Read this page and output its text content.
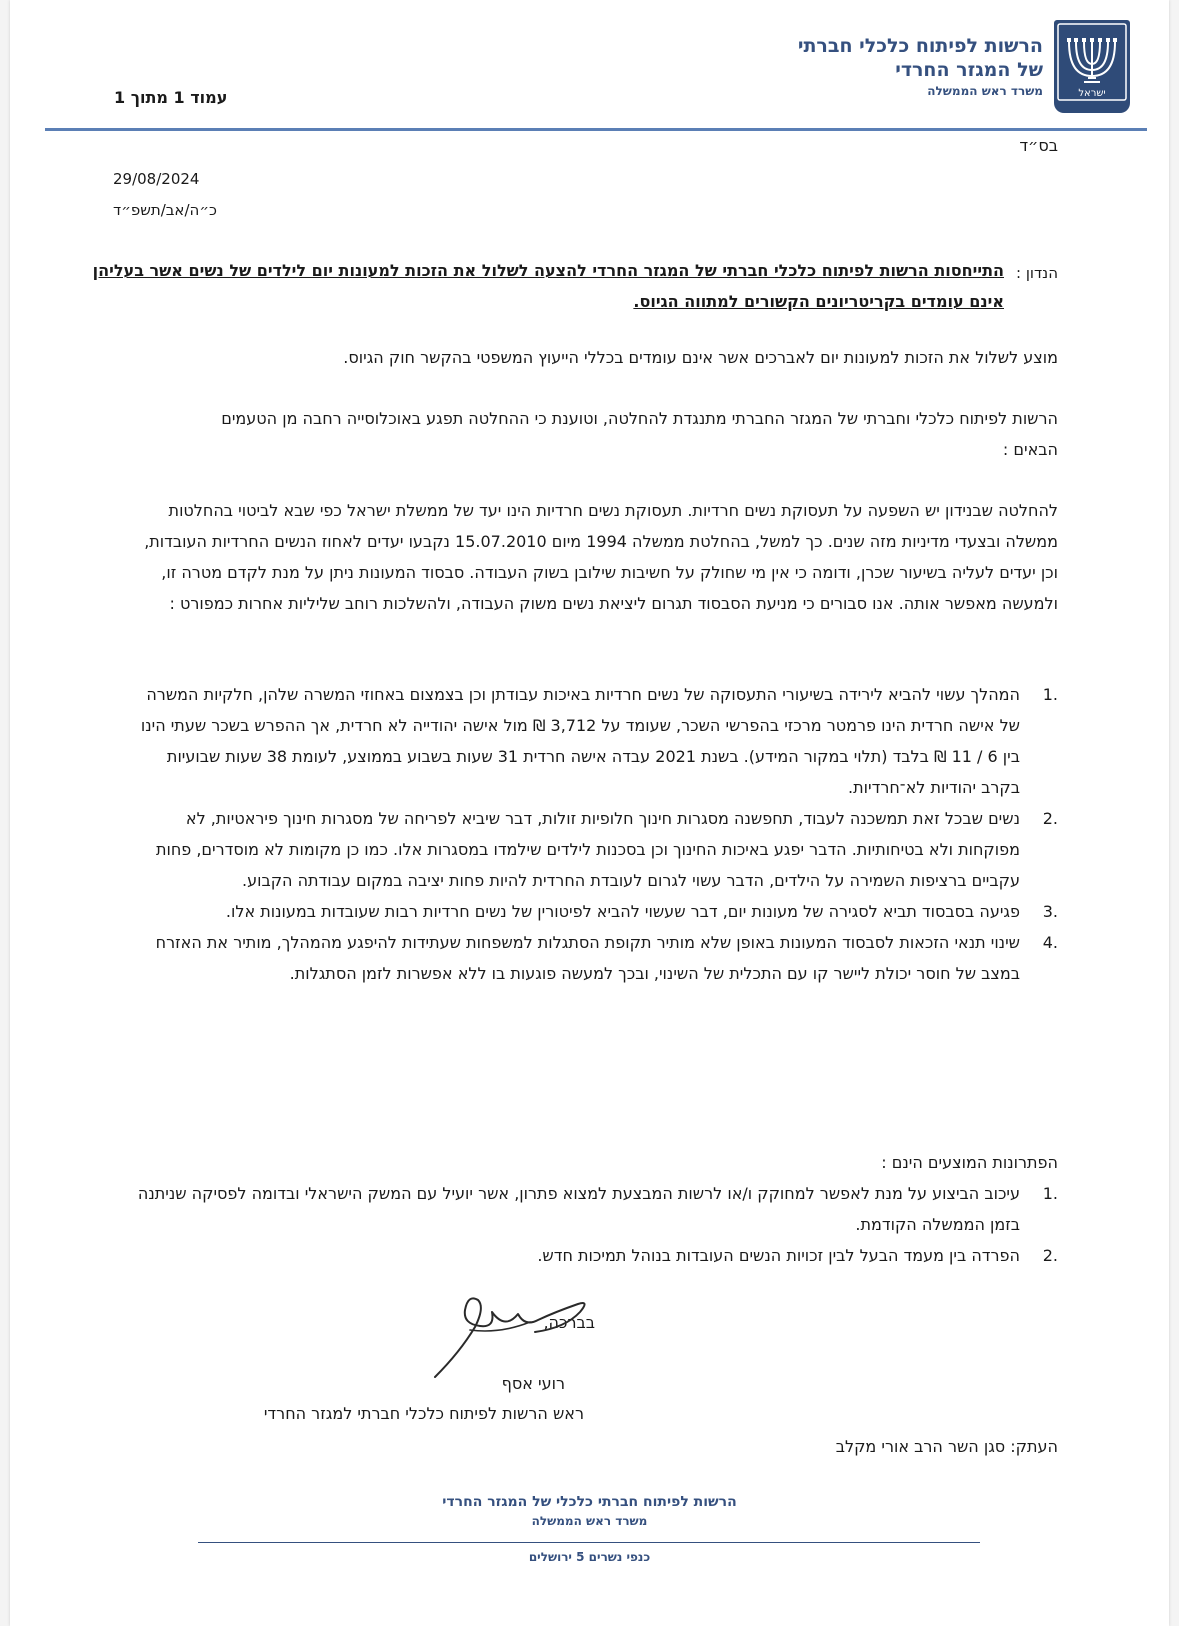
ישראל
הרשות לפיתוח כלכלי חברתי
של המגזר החרדי
משרד ראש הממשלה
עמוד 1 מתוך 1
בס״ד
29/08/2024
כ״ה/אב/תשפ״ד
הנדון :
התייחסות הרשות לפיתוח כלכלי חברתי של המגזר החרדי להצעה לשלול את הזכות למעונות יום לילדים של נשים אשר בעליהן אינם עומדים בקריטריונים הקשורים למתווה הגיוס.
מוצע לשלול את הזכות למעונות יום לאברכים אשר אינם עומדים בכללי הייעוץ המשפטי בהקשר חוק הגיוס.
הרשות לפיתוח כלכלי וחברתי של המגזר החברתי מתנגדת להחלטה, וטוענת כי ההחלטה תפגע באוכלוסייה רחבה מן הטעמים הבאים :
להחלטה שבנידון יש השפעה על תעסוקת נשים חרדיות. תעסוקת נשים חרדיות הינו יעד של ממשלת ישראל כפי שבא לביטוי בהחלטות ממשלה ובצעדי מדיניות מזה שנים. כך למשל, בהחלטת ממשלה 1994 מיום 15.07.2010 נקבעו יעדים לאחוז הנשים החרדיות העובדות, וכן יעדים לעליה בשיעור שכרן, ודומה כי אין מי שחולק על חשיבות שילובן בשוק העבודה. סבסוד המעונות ניתן על מנת לקדם מטרה זו, ולמעשה מאפשר אותה. אנו סבורים כי מניעת הסבסוד תגרום ליציאת נשים משוק העבודה, ולהשלכות רוחב שליליות אחרות כמפורט :
1.
המהלך עשוי להביא לירידה בשיעורי התעסוקה של נשים חרדיות באיכות עבודתן וכן בצמצום באחוזי המשרה שלהן, חלקיות המשרה של אישה חרדית הינו פרמטר מרכזי בהפרשי השכר, שעומד על 3,712 ₪ מול אישה יהודייה לא חרדית, אך ההפרש בשכר שעתי הינו בין 6 / 11 ₪ בלבד (תלוי במקור המידע). בשנת 2021 עבדה אישה חרדית 31 שעות בשבוע בממוצע, לעומת 38 שעות שבועיות בקרב יהודיות לא־חרדיות.
2.
נשים שבכל זאת תמשכנה לעבוד, תחפשנה מסגרות חינוך חלופיות זולות, דבר שיביא לפריחה של מסגרות חינוך פיראטיות, לא מפוקחות ולא בטיחותיות. הדבר יפגע באיכות החינוך וכן בסכנות לילדים שילמדו במסגרות אלו. כמו כן מקומות לא מוסדרים, פחות עקביים ברציפות השמירה על הילדים, הדבר עשוי לגרום לעובדת החרדית להיות פחות יציבה במקום עבודתה הקבוע.
3.
פגיעה בסבסוד תביא לסגירה של מעונות יום, דבר שעשוי להביא לפיטורין של נשים חרדיות רבות שעובדות במעונות אלו.
4.
שינוי תנאי הזכאות לסבסוד המעונות באופן שלא מותיר תקופת הסתגלות למשפחות שעתידות להיפגע מהמהלך, מותיר את האזרח במצב של חוסר יכולת ליישר קו עם התכלית של השינוי, ובכך למעשה פוגעות בו ללא אפשרות לזמן הסתגלות.
הפתרונות המוצעים הינם :
1.
עיכוב הביצוע על מנת לאפשר למחוקק ו/או לרשות המבצעת למצוא פתרון, אשר יועיל עם המשק הישראלי ובדומה לפסיקה שניתנה בזמן הממשלה הקודמת.
2.
הפרדה בין מעמד הבעל לבין זכויות הנשים העובדות בנוהל תמיכות חדש.
בברכה,
רועי אסף
ראש הרשות לפיתוח כלכלי חברתי למגזר החרדי
העתק: סגן השר הרב אורי מקלב
הרשות לפיתוח חברתי כלכלי של המגזר החרדי
משרד ראש הממשלה
כנפי נשרים 5 ירושלים
